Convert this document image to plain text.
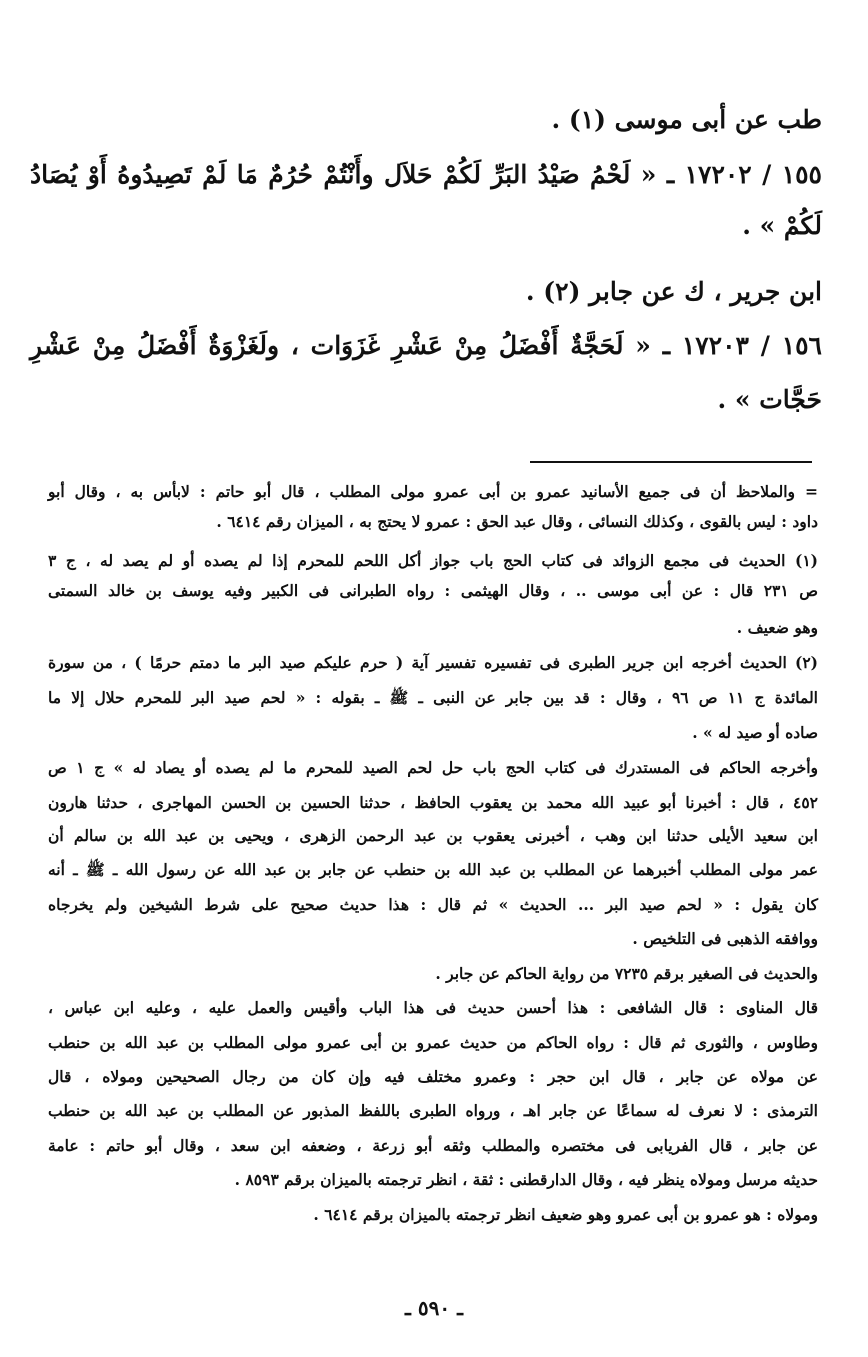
طب عن أبى موسى (١) .
١٥٥ / ١٧٢٠٢ ـ « لَحْمُ صَيْدُ البَرِّ لَكُمْ حَلاَل وأَنْتُمْ حُرُمٌ مَا لَمْ تَصِيدُوهُ أَوْ يُصَادُ
لَكُمْ » .
ابن جرير ، ك عن جابر (٢) .
١٥٦ / ١٧٢٠٣ ـ « لَحَجَّةٌ أَفْضَلُ مِنْ عَشْرِ غَزَوَات ، ولَغَزْوَةٌ أَفْضَلُ مِنْ عَشْرِ
حَجَّات » .
= والملاحظ أن فى جميع الأسانيد عمرو بن أبى عمرو مولى المطلب ، قال أبو حاتم : لابأس به ، وقال أبو
داود : ليس بالقوى ، وكذلك النسائى ، وقال عبد الحق : عمرو لا يحتج به ، الميزان رقم ٦٤١٤ .
(١) الحديث فى مجمع الزوائد فى كتاب الحج باب جواز أكل اللحم للمحرم إذا لم يصده أو لم يصد له ، ج ٣
ص ٢٣١ قال : عن أبى موسى .. ، وقال الهيثمى : رواه الطبرانى فى الكبير وفيه يوسف بن خالد السمتى
وهو ضعيف .
(٢) الحديث أخرجه ابن جرير الطبرى فى تفسيره تفسير آية ( حرم عليكم صيد البر ما دمتم حرمًا ) ، من سورة
المائدة ج ١١ ص ٩٦ ، وقال : قد بين جابر عن النبى ـ ﷺ ـ بقوله : « لحم صيد البر للمحرم حلال إلا ما
صاده أو صيد له » .
وأخرجه الحاكم فى المستدرك فى كتاب الحج باب حل لحم الصيد للمحرم ما لم يصده أو يصاد له » ج ١ ص
٤٥٢ ، قال : أخبرنا أبو عبيد الله محمد بن يعقوب الحافظ ، حدثنا الحسين بن الحسن المهاجرى ، حدثنا هارون
ابن سعيد الأيلى حدثنا ابن وهب ، أخبرنى يعقوب بن عبد الرحمن الزهرى ، ويحيى بن عبد الله بن سالم أن
عمر مولى المطلب أخبرهما عن المطلب بن عبد الله بن حنطب عن جابر بن عبد الله عن رسول الله ـ ﷺ ـ أنه
كان يقول : « لحم صيد البر ... الحديث » ثم قال : هذا حديث صحيح على شرط الشيخين ولم يخرجاه
ووافقه الذهبى فى التلخيص .
والحديث فى الصغير برقم ٧٢٣٥ من رواية الحاكم عن جابر .
قال المناوى : قال الشافعى : هذا أحسن حديث فى هذا الباب وأقيس والعمل عليه ، وعليه ابن عباس ،
وطاوس ، والثورى ثم قال : رواه الحاكم من حديث عمرو بن أبى عمرو مولى المطلب بن عبد الله بن حنطب
عن مولاه عن جابر ، قال ابن حجر : وعمرو مختلف فيه وإن كان من رجال الصحيحين ومولاه ، قال
الترمذى : لا نعرف له سماعًا عن جابر اهـ ، ورواه الطبرى باللفظ المذبور عن المطلب بن عبد الله بن حنطب
عن جابر ، قال الفريابى فى مختصره والمطلب وثقه أبو زرعة ، وضعفه ابن سعد ، وقال أبو حاتم : عامة
حديثه مرسل ومولاه ينظر فيه ، وقال الدارقطنى : ثقة ، انظر ترجمته بالميزان برقم ٨٥٩٣ .
ومولاه : هو عمرو بن أبى عمرو وهو ضعيف انظر ترجمته بالميزان برقم ٦٤١٤ .
ـ ٥٩٠ ـ
